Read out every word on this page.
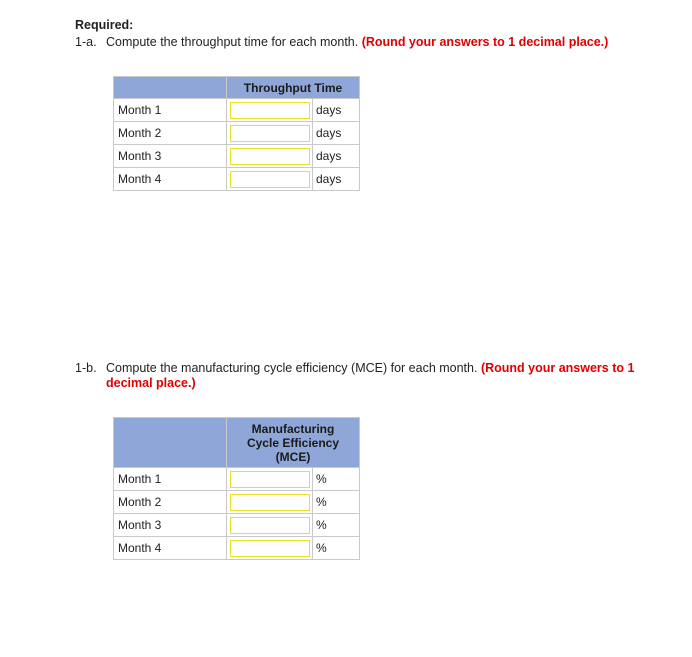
Required:
1-a. Compute the throughput time for each month. (Round your answers to 1 decimal place.)
	Throughput Time	
Month 1		days
Month 2		days
Month 3		days
Month 4		days
1-b. Compute the manufacturing cycle efficiency (MCE) for each month. (Round your answers to 1
decimal place.)

	Manufacturing
Cycle Efficiency
(MCE)	

Month 1		%
Month 2		%
Month 3		%
Month 4		%
